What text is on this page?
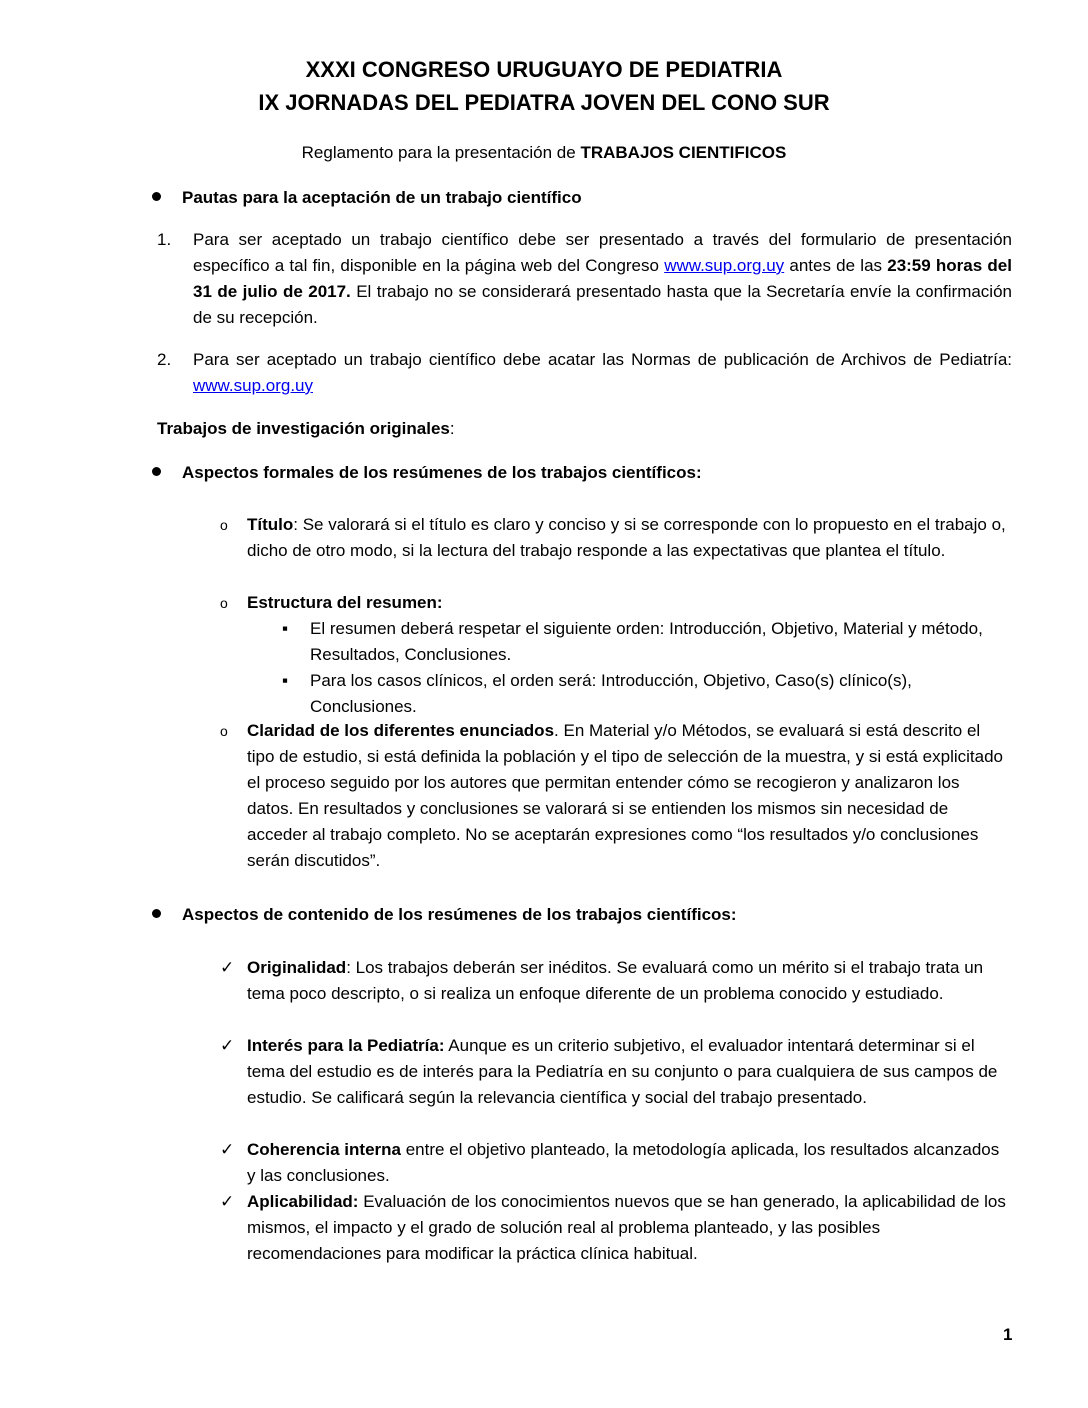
XXXI CONGRESO URUGUAYO DE PEDIATRIA
IX JORNADAS DEL PEDIATRA JOVEN DEL CONO SUR
Reglamento para la presentación de TRABAJOS CIENTIFICOS
Pautas para la aceptación de un trabajo científico
1. Para ser aceptado un trabajo científico debe ser presentado a través del formulario de presentación específico a tal fin, disponible en la página web del Congreso www.sup.org.uy antes de las 23:59 horas del 31 de julio de 2017. El trabajo no se considerará presentado hasta que la Secretaría envíe la confirmación de su recepción.
2. Para ser aceptado un trabajo científico debe acatar las Normas de publicación de Archivos de Pediatría: www.sup.org.uy
Trabajos de investigación originales:
Aspectos formales de los resúmenes de los trabajos científicos:
o Título: Se valorará si el título es claro y conciso y si se corresponde con lo propuesto en el trabajo o, dicho de otro modo, si la lectura del trabajo responde a las expectativas que plantea el título.
o Estructura del resumen:
▪ El resumen deberá respetar el siguiente orden: Introducción, Objetivo, Material y método, Resultados, Conclusiones.
▪ Para los casos clínicos, el orden será: Introducción, Objetivo, Caso(s) clínico(s), Conclusiones.
o Claridad de los diferentes enunciados. En Material y/o Métodos, se evaluará si está descrito el tipo de estudio, si está definida la población y el tipo de selección de la muestra, y si está explicitado el proceso seguido por los autores que permitan entender cómo se recogieron y analizaron los datos. En resultados y conclusiones se valorará si se entienden los mismos sin necesidad de acceder al trabajo completo. No se aceptarán expresiones como “los resultados y/o conclusiones serán discutidos”.
Aspectos de contenido de los resúmenes de los trabajos científicos:
✓ Originalidad: Los trabajos deberán ser inéditos. Se evaluará como un mérito si el trabajo trata un tema poco descripto, o si realiza un enfoque diferente de un problema conocido y estudiado.
✓ Interés para la Pediatría: Aunque es un criterio subjetivo, el evaluador intentará determinar si el tema del estudio es de interés para la Pediatría en su conjunto o para cualquiera de sus campos de estudio. Se calificará según la relevancia científica y social del trabajo presentado.
✓ Coherencia interna entre el objetivo planteado, la metodología aplicada, los resultados alcanzados y las conclusiones.
✓ Aplicabilidad: Evaluación de los conocimientos nuevos que se han generado, la aplicabilidad de los mismos, el impacto y el grado de solución real al problema planteado, y las posibles recomendaciones para modificar la práctica clínica habitual.
1
